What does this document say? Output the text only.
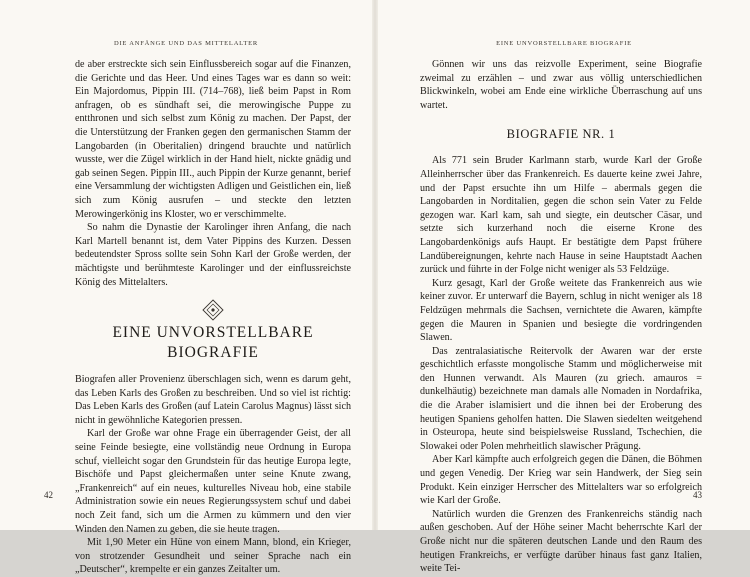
DIE ANFÄNGE UND DAS MITTELALTER

de aber erstreckte sich sein Einflussbereich sogar auf die Finanzen, die Gerichte und das Heer. Und eines Tages war es dann so weit: Ein Majordomus, Pippin III. (714–768), ließ beim Papst in Rom anfragen, ob es sündhaft sei, die merowingische Puppe zu entthronen und sich selbst zum König zu machen. Der Papst, der die Unterstützung der Franken gegen den germanischen Stamm der Langobarden (in Oberitalien) dringend brauchte und natürlich wusste, wer die Zügel wirklich in der Hand hielt, nickte gnädig und gab seinen Segen. Pippin III., auch Pippin der Kurze genannt, berief eine Versammlung der wichtigsten Adligen und Geistlichen ein, ließ sich zum König ausrufen – und steckte den letzten Merowingerkönig ins Kloster, wo er verschimmelte.

So nahm die Dynastie der Karolinger ihren Anfang, die nach Karl Martell benannt ist, dem Vater Pippins des Kurzen. Dessen bedeutendster Spross sollte sein Sohn Karl der Große werden, der mächtigste und berühmteste Karolinger und der einflussreichste König des Mittelalters.

EINE UNVORSTELLBARE BIOGRAFIE

Biografen aller Provenienz überschlagen sich, wenn es darum geht, das Leben Karls des Großen zu beschreiben. Und so viel ist richtig: Das Leben Karls des Großen (auf Latein Carolus Magnus) lässt sich nicht in gewöhnliche Kategorien pressen.

Karl der Große war ohne Frage ein überragender Geist, der all seine Feinde besiegte, eine vollständig neue Ordnung in Europa schuf, vielleicht sogar den Grundstein für das heutige Europa legte, Bischöfe und Papst gleichermaßen unter seine Knute zwang, „Frankenreich“ auf ein neues, kulturelles Niveau hob, eine stabile Administration sowie ein neues Regierungssystem schuf und dabei noch Zeit fand, sich um die Armen zu kümmern und den vier Winden den Namen zu geben, die sie heute tragen.

Mit 1,90 Meter ein Hüne von einem Mann, blond, ein Krieger, von strotzender Gesundheit und seiner Sprache nach ein „Deutscher“, krempelte er ein ganzes Zeitalter um.

42
EINE UNVORSTELLBARE BIOGRAFIE

Gönnen wir uns das reizvolle Experiment, seine Biografie zweimal zu erzählen – und zwar aus völlig unterschiedlichen Blickwinkeln, wobei am Ende eine wirkliche Überraschung auf uns wartet.

BIOGRAFIE NR. 1

Als 771 sein Bruder Karlmann starb, wurde Karl der Große Alleinherrscher über das Frankenreich. Es dauerte keine zwei Jahre, und der Papst ersuchte ihn um Hilfe – abermals gegen die Langobarden in Norditalien, gegen die schon sein Vater zu Felde gezogen war. Karl kam, sah und siegte, ein deutscher Cäsar, und setzte sich kurzerhand noch die eiserne Krone des Langobardenkönigs aufs Haupt. Er bestätigte dem Papst frühere Landübereignungen, kehrte nach Hause in seine Hauptstadt Aachen zurück und führte in der Folge nicht weniger als 53 Feldzüge.

Kurz gesagt, Karl der Große weitete das Frankenreich aus wie keiner zuvor. Er unterwarf die Bayern, schlug in nicht weniger als 18 Feldzügen mehrmals die Sachsen, vernichtete die Awaren, kämpfte gegen die Mauren in Spanien und besiegte die vordringenden Slawen.

Das zentralasiatische Reitervolk der Awaren war der erste geschichtlich erfasste mongolische Stamm und möglicherweise mit den Hunnen verwandt. Als Mauren (zu griech. amauros = dunkelhäutig) bezeichnete man damals alle Nomaden in Nordafrika, die die Araber islamisiert und die ihnen bei der Eroberung des heutigen Spaniens geholfen hatten. Die Slawen siedelten weitgehend in Osteuropa, heute sind beispielsweise Russland, Tschechien, die Slowakei oder Polen mehrheitlich slawischer Prägung.

Aber Karl kämpfte auch erfolgreich gegen die Dänen, die Böhmen und gegen Venedig. Der Krieg war sein Handwerk, der Sieg sein Produkt. Kein einziger Herrscher des Mittelalters war so erfolgreich wie Karl der Große.

Natürlich wurden die Grenzen des Frankenreichs ständig nach außen geschoben. Auf der Höhe seiner Macht beherrschte Karl der Große nicht nur die späteren deutschen Lande und den Raum des heutigen Frankreichs, er verfügte darüber hinaus fast ganz Italien, weite Tei-

43
